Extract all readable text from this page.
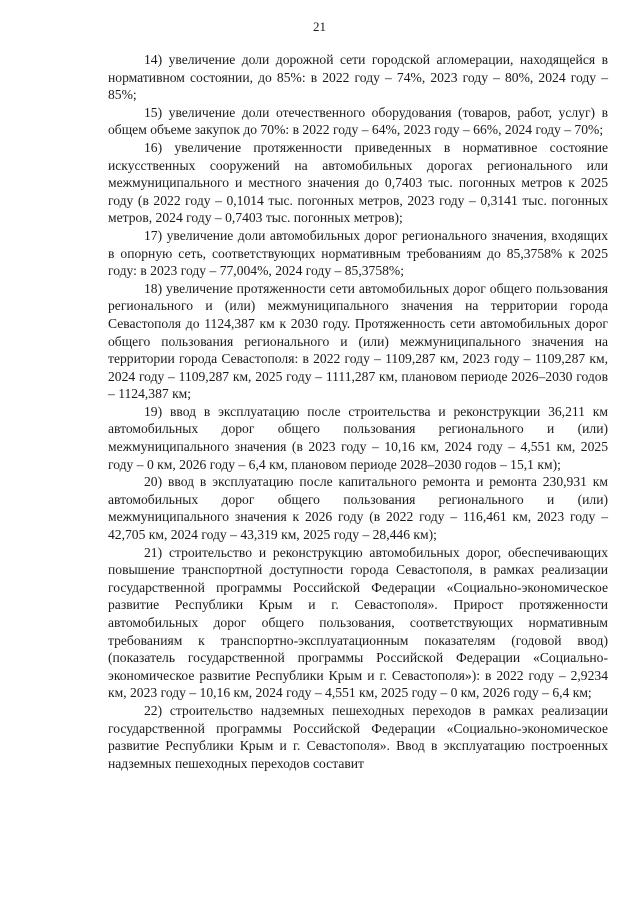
21

14) увеличение доли дорожной сети городской агломерации, находящейся в нормативном состоянии, до 85%: в 2022 году – 74%, 2023 году – 80%, 2024 году – 85%;

15) увеличение доли отечественного оборудования (товаров, работ, услуг) в общем объеме закупок до 70%: в 2022 году – 64%, 2023 году – 66%, 2024 году – 70%;

16) увеличение протяженности приведенных в нормативное состояние искусственных сооружений на автомобильных дорогах регионального или межмуниципального и местного значения до 0,7403 тыс. погонных метров к 2025 году (в 2022 году – 0,1014 тыс. погонных метров, 2023 году – 0,3141 тыс. погонных метров, 2024 году – 0,7403 тыс. погонных метров);

17) увеличение доли автомобильных дорог регионального значения, входящих в опорную сеть, соответствующих нормативным требованиям до 85,3758% к 2025 году: в 2023 году – 77,004%, 2024 году – 85,3758%;

18) увеличение протяженности сети автомобильных дорог общего пользования регионального и (или) межмуниципального значения на территории города Севастополя до 1124,387 км к 2030 году. Протяженность сети автомобильных дорог общего пользования регионального и (или) межмуниципального значения на территории города Севастополя: в 2022 году – 1109,287 км, 2023 году – 1109,287 км, 2024 году – 1109,287 км, 2025 году – 1111,287 км, плановом периоде 2026–2030 годов – 1124,387 км;

19) ввод в эксплуатацию после строительства и реконструкции 36,211 км автомобильных дорог общего пользования регионального и (или) межмуниципального значения (в 2023 году – 10,16 км, 2024 году – 4,551 км, 2025 году – 0 км, 2026 году – 6,4 км, плановом периоде 2028–2030 годов – 15,1 км);

20) ввод в эксплуатацию после капитального ремонта и ремонта 230,931 км автомобильных дорог общего пользования регионального и (или) межмуниципального значения к 2026 году (в 2022 году – 116,461 км, 2023 году – 42,705 км, 2024 году – 43,319 км, 2025 году – 28,446 км);

21) строительство и реконструкцию автомобильных дорог, обеспечивающих повышение транспортной доступности города Севастополя, в рамках реализации государственной программы Российской Федерации «Социально-экономическое развитие Республики Крым и г. Севастополя». Прирост протяженности автомобильных дорог общего пользования, соответствующих нормативным требованиям к транспортно-эксплуатационным показателям (годовой ввод) (показатель государственной программы Российской Федерации «Социально-экономическое развитие Республики Крым и г. Севастополя»): в 2022 году – 2,9234 км, 2023 году – 10,16 км, 2024 году – 4,551 км, 2025 году – 0 км, 2026 году – 6,4 км;

22) строительство надземных пешеходных переходов в рамках реализации государственной программы Российской Федерации «Социально-экономическое развитие Республики Крым и г. Севастополя». Ввод в эксплуатацию построенных надземных пешеходных переходов составит
